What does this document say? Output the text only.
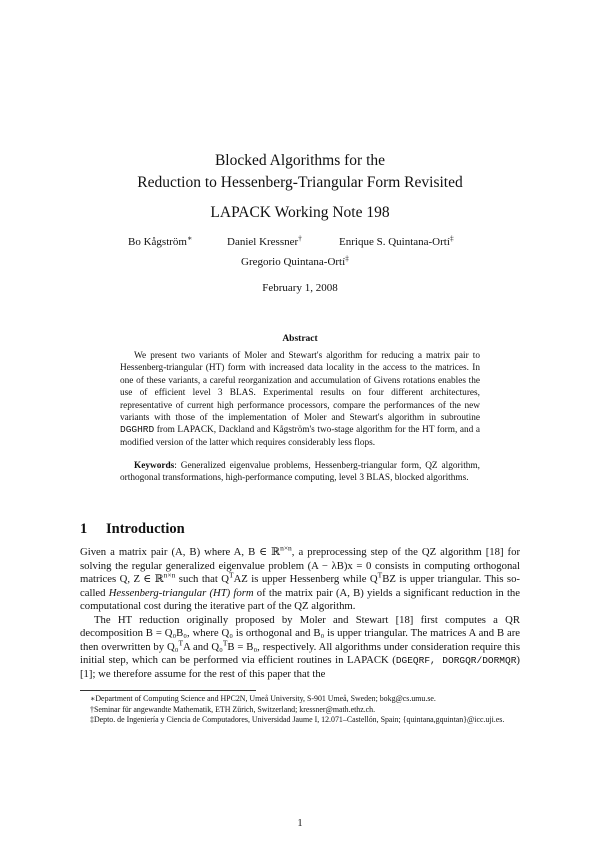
Blocked Algorithms for the
Reduction to Hessenberg-Triangular Form Revisited
LAPACK Working Note 198
Bo Kågström∗	Daniel Kressner†	Enrique S. Quintana-Ortí‡
Gregorio Quintana-Ortí‡
February 1, 2008
Abstract
We present two variants of Moler and Stewart's algorithm for reducing a matrix pair to Hessenberg-triangular (HT) form with increased data locality in the access to the matrices. In one of these variants, a careful reorganization and accumulation of Givens rotations enables the use of efficient level 3 BLAS. Experimental results on four different architectures, representative of current high performance processors, compare the performances of the new variants with those of the implementation of Moler and Stewart's algorithm in subroutine DGGHRD from LAPACK, Dackland and Kågström's two-stage algorithm for the HT form, and a modified version of the latter which requires considerably less flops.
Keywords: Generalized eigenvalue problems, Hessenberg-triangular form, QZ algorithm, orthogonal transformations, high-performance computing, level 3 BLAS, blocked algorithms.
1 Introduction

Given a matrix pair (A, B) where A, B ∈ ℝ$^{n\times n}$, a preprocessing step of the QZ algorithm [18] for solving the regular generalized eigenvalue problem (A − λB)x = 0 consists in computing orthogonal matrices Q, Z ∈ ℝ$^{n\times n}$ such that $Q^TAZ$ is upper Hessenberg while $Q^TBZ$ is upper triangular. This so-called Hessenberg-triangular (HT) form of the matrix pair (A, B) yields a significant reduction in the computational cost during the iterative part of the QZ algorithm.

The HT reduction originally proposed by Moler and Stewart [18] first computes a QR decomposition B = Q₀B₀, where Q₀ is orthogonal and B₀ is upper triangular. The matrices A and B are then overwritten by Q₀$^T$A and Q₀$^T$B = B₀, respectively. All algorithms under consideration require this initial step, which can be performed via efficient routines in LAPACK (DGEQRF, DORGQR/DORMQR) [1]; we therefore assume for the rest of this paper that the

∗Department of Computing Science and HPC2N, Umeå University, S-901 Umeå, Sweden; bokg@cs.umu.se.
†Seminar für angewandte Mathematik, ETH Zürich, Switzerland; kressner@math.ethz.ch.
‡Depto. de Ingeniería y Ciencia de Computadores, Universidad Jaume I, 12.071–Castellón, Spain; {quintana,gquintan}@icc.uji.es.
1
